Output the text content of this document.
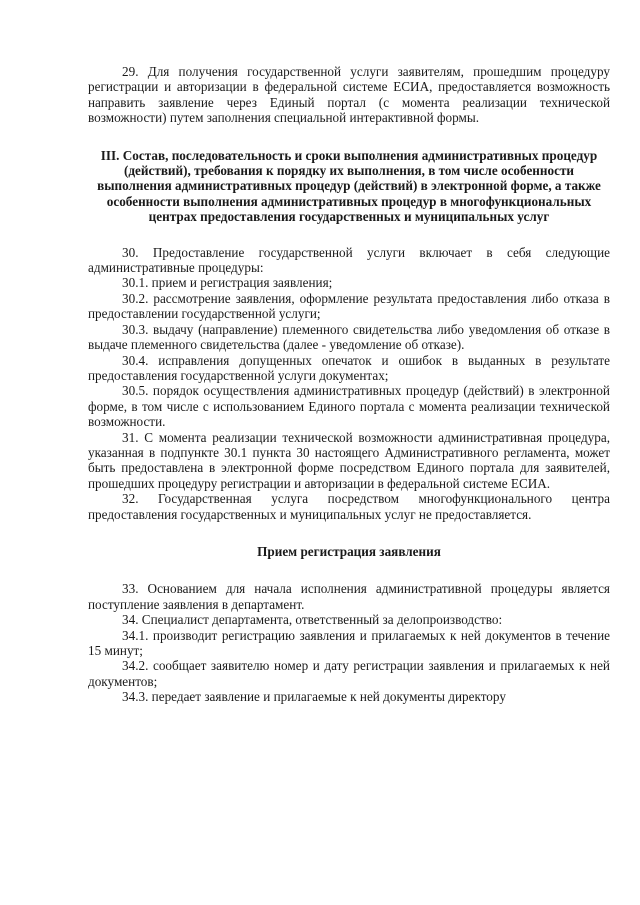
29. Для получения государственной услуги заявителям, прошедшим процедуру регистрации и авторизации в федеральной системе ЕСИА, предоставляется возможность направить заявление через Единый портал (с момента реализации технической возможности) путем заполнения специальной интерактивной формы.

III. Состав, последовательность и сроки выполнения административных процедур (действий), требования к порядку их выполнения, в том числе особенности выполнения административных процедур (действий) в электронной форме, а также особенности выполнения административных процедур в многофункциональных центрах предоставления государственных и муниципальных услуг

30. Предоставление государственной услуги включает в себя следующие административные процедуры:

30.1. прием и регистрация заявления;

30.2. рассмотрение заявления, оформление результата предоставления либо отказа в предоставлении государственной услуги;

30.3. выдачу (направление) племенного свидетельства либо уведомления об отказе в выдаче племенного свидетельства (далее - уведомление об отказе).

30.4. исправления допущенных опечаток и ошибок в выданных в результате предоставления государственной услуги документах;

30.5. порядок осуществления административных процедур (действий) в электронной форме, в том числе с использованием Единого портала с момента реализации технической возможности.

31. С момента реализации технической возможности административная процедура, указанная в подпункте 30.1 пункта 30 настоящего Административного регламента, может быть предоставлена в электронной форме посредством Единого портала для заявителей, прошедших процедуру регистрации и авторизации в федеральной системе ЕСИА.

32. Государственная услуга посредством многофункционального центра предоставления государственных и муниципальных услуг не предоставляется.

Прием регистрация заявления

33. Основанием для начала исполнения административной процедуры является поступление заявления в департамент.

34. Специалист департамента, ответственный за делопроизводство:

34.1. производит регистрацию заявления и прилагаемых к ней документов в течение 15 минут;

34.2. сообщает заявителю номер и дату регистрации заявления и прилагаемых к ней документов;

34.3. передает заявление и прилагаемые к ней документы директору
